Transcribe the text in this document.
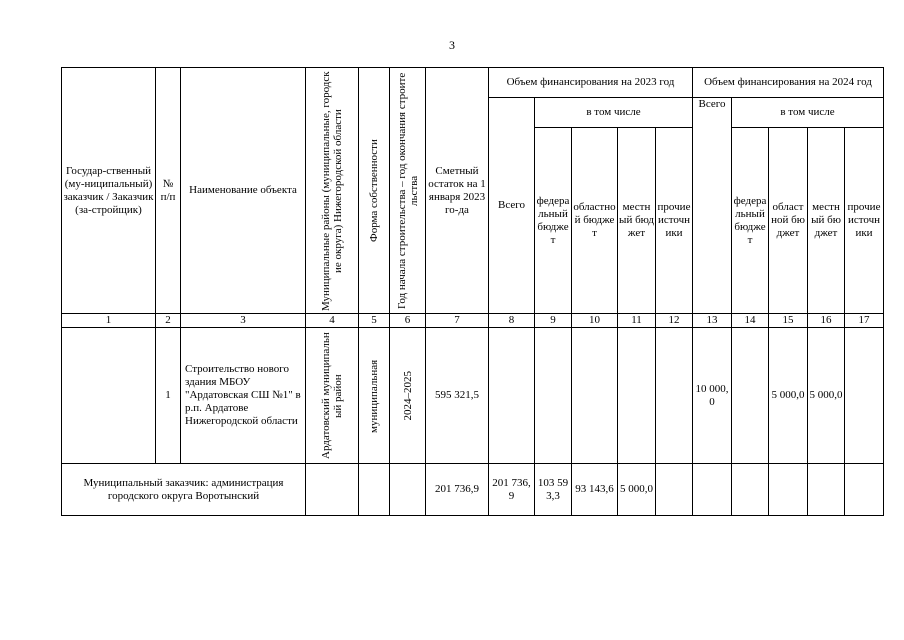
3
Государ-ственный (му-ниципальный) заказчик / Заказчик (за-стройщик)	№ п/п	Наименование объекта	Муниципальные районы (муниципальные, городские округа) Нижегородской области	Форма собственности	Год начала строительства – год окончания строительства	Сметный остаток на 1 января 2023 го-да	Объем финансирования на 2023 год					Объем финансирования на 2024 год				
							Всего	в том числе				Всего	в том числе			
								федеральный бюджет	областной бюджет	местный бюджет	прочие источники		федеральный бюджет	областной бюджет	местный бюджет	прочие источники
1	2	3	4	5	6	7	8	9	10	11	12	13	14	15	16	17
	1	Строительство нового здания МБОУ "Ардатовская СШ №1" в р.п. Ардатове Нижегородской области	Ардатовский муниципальный район	муниципальная	2024–2025	595 321,5						10 000,0		5 000,0	5 000,0	
Муниципальный заказчик: администрация городского округа Воротынский						201 736,9	201 736,9	103 593,3	93 143,6	5 000,0						
